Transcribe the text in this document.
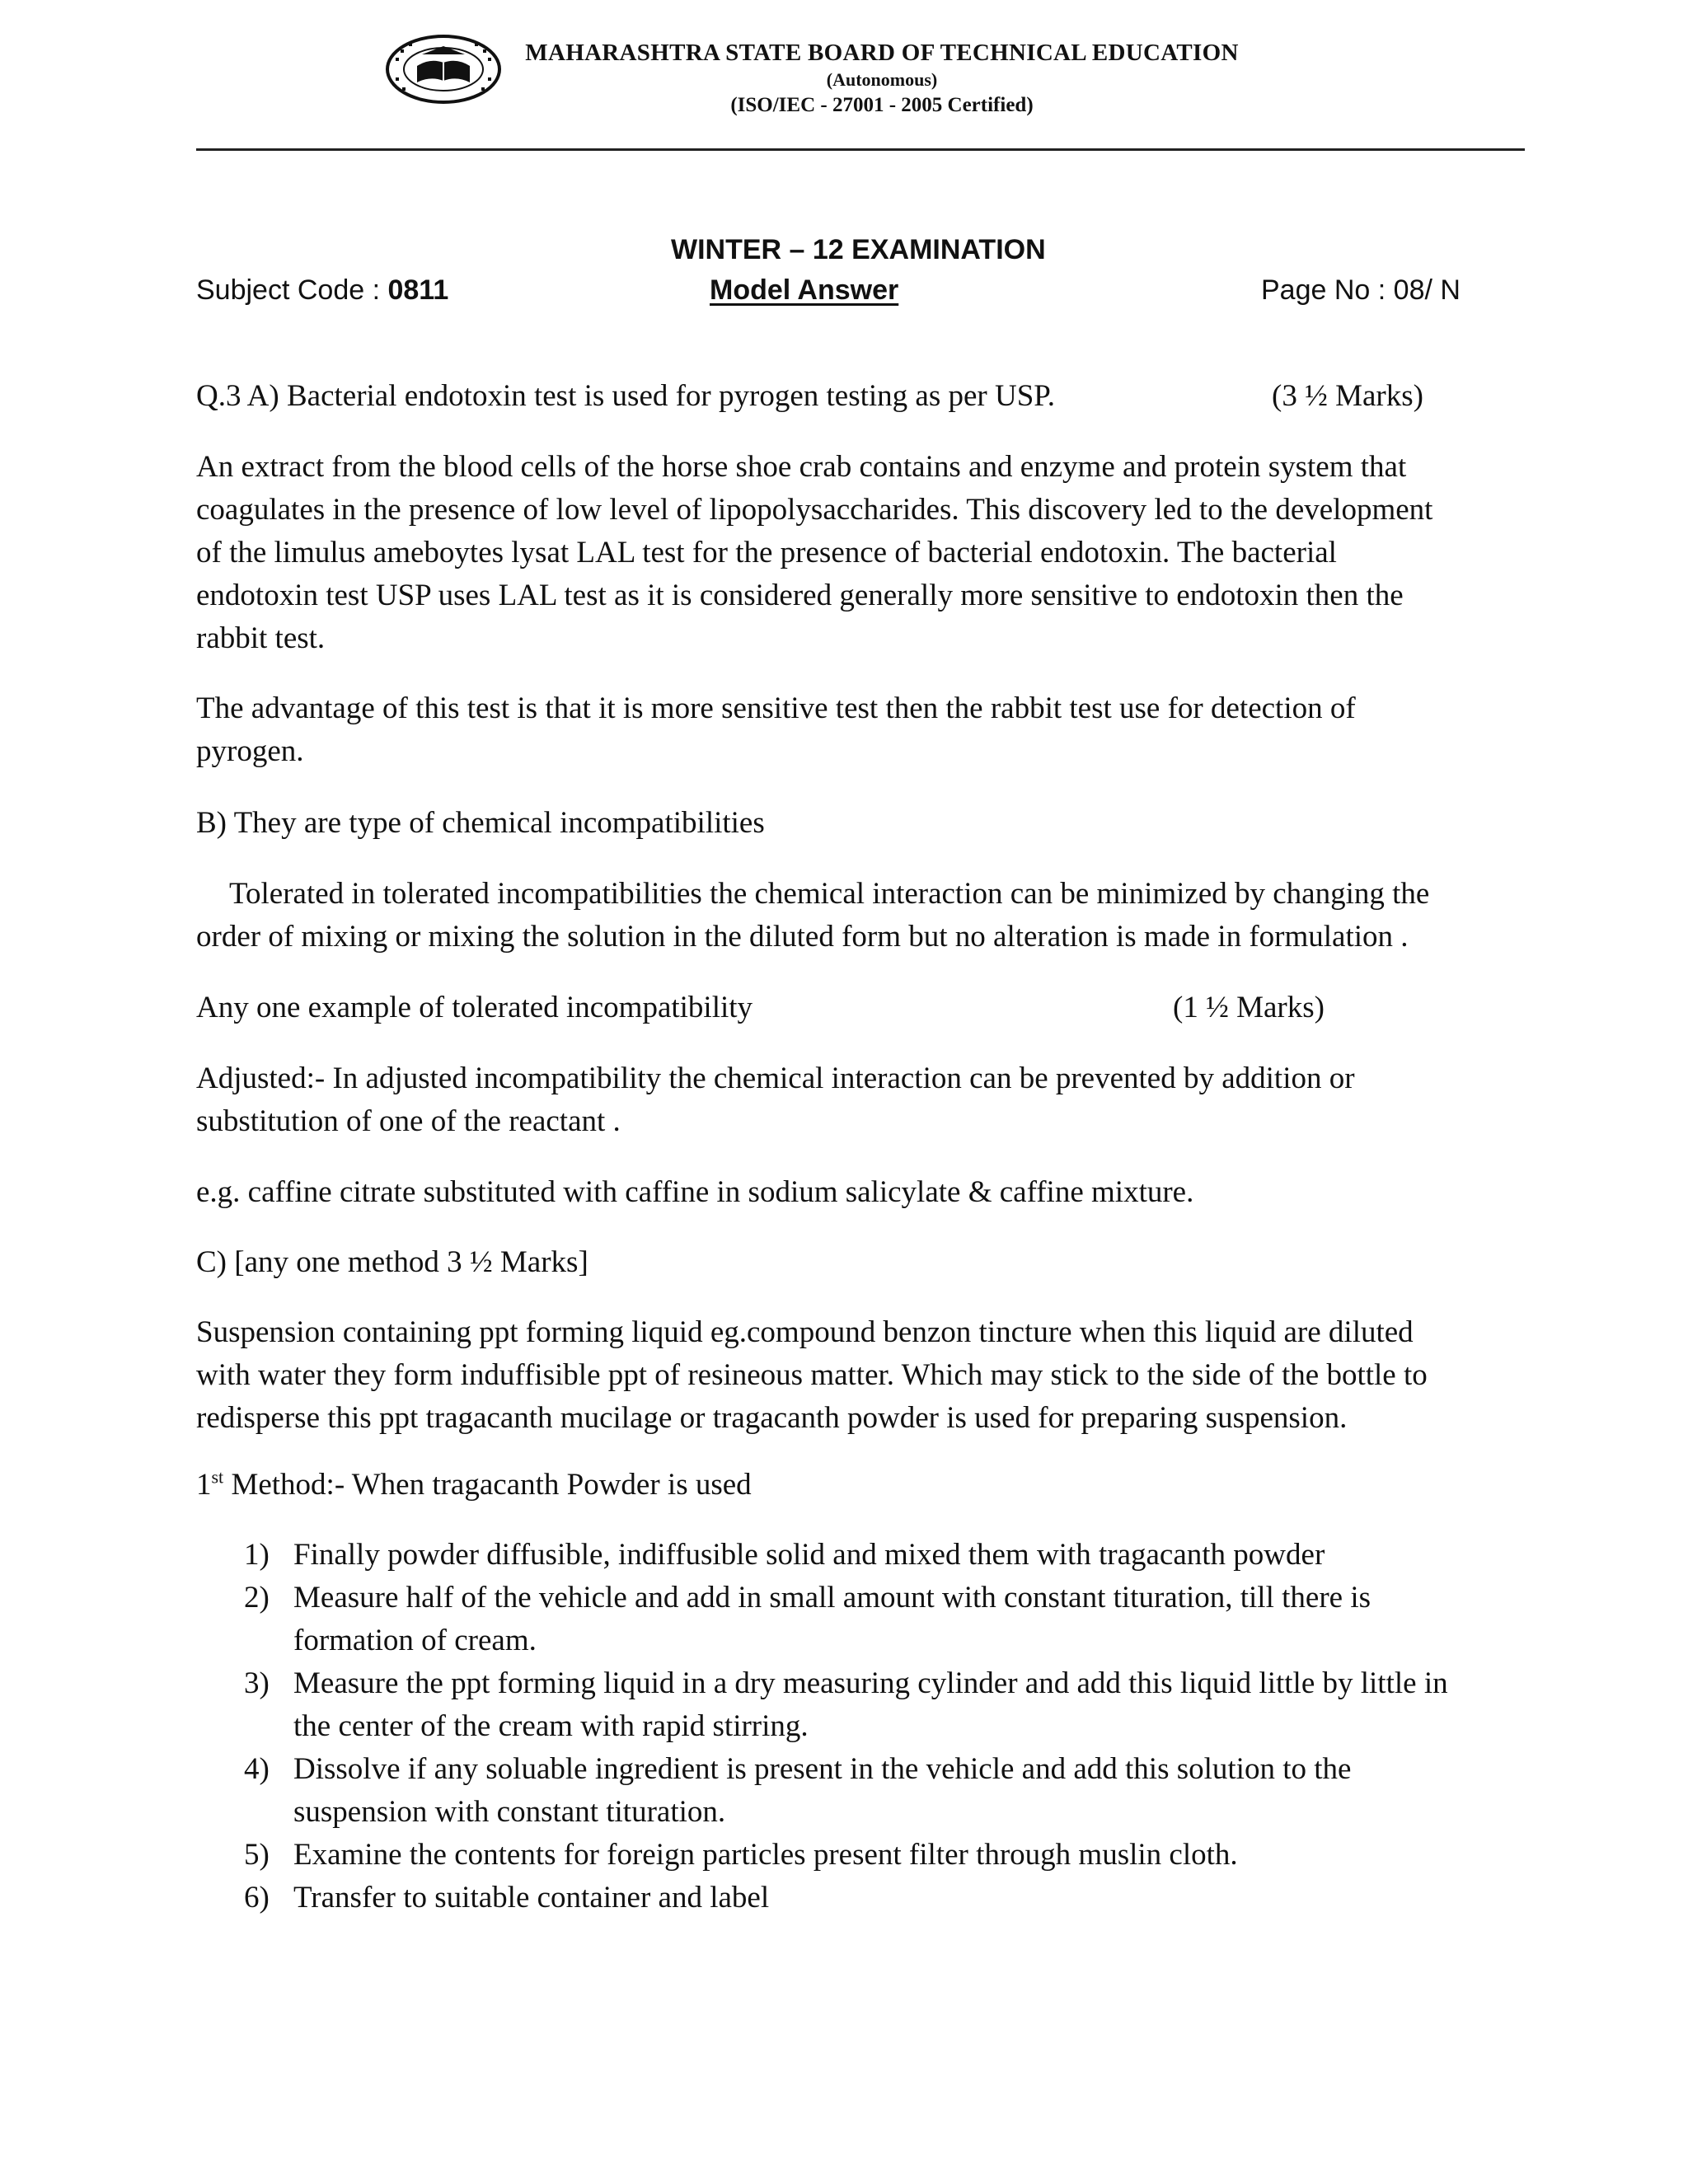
MAHARASHTRA STATE BOARD OF TECHNICAL EDUCATION
(Autonomous)
(ISO/IEC - 27001 - 2005 Certified)
WINTER – 12 EXAMINATION
Subject Code : 0811	Model Answer	Page No : 08/ N
Q.3 A) Bacterial endotoxin test is used for pyrogen testing as per USP.	(3 ½ Marks)
An extract from the blood cells of the horse shoe crab contains and enzyme and protein system that
coagulates in the presence of low level of lipopolysaccharides. This discovery led to the development
of the limulus ameboytes lysat LAL test for the presence of bacterial endotoxin. The bacterial
endotoxin test USP uses LAL test as it is considered generally more sensitive to endotoxin then the
rabbit test.
The advantage of this test is that it is more sensitive test then the rabbit test use for detection of
pyrogen.
B) They are type of chemical incompatibilities
Tolerated in tolerated incompatibilities the chemical interaction can be minimized by changing the
order of mixing or mixing the solution in the diluted form but no alteration is made in formulation .
Any one example of tolerated incompatibility	(1 ½ Marks)
Adjusted:- In adjusted incompatibility the chemical interaction can be prevented by addition or
substitution of one of the reactant .
e.g. caffine citrate substituted with caffine in sodium salicylate & caffine mixture.
C) [any one method 3 ½ Marks]
Suspension containing ppt forming liquid eg.compound benzon tincture when this liquid are diluted
with water they form induffisible ppt of resineous matter. Which may stick to the side of the bottle to
redisperse this ppt tragacanth mucilage or tragacanth powder is used for preparing suspension.
1st Method:- When tragacanth Powder is used
1) Finally powder diffusible, indiffusible solid and mixed them with tragacanth powder
2) Measure half of the vehicle and add in small amount with constant tituration, till there is
formation of cream.
3) Measure the ppt forming liquid in a dry measuring cylinder and add this liquid little by little in
the center of the cream with rapid stirring.
4) Dissolve if any soluable ingredient is present in the vehicle and add this solution to the
suspension with constant tituration.
5) Examine the contents for foreign particles present filter through muslin cloth.
6) Transfer to suitable container and label
